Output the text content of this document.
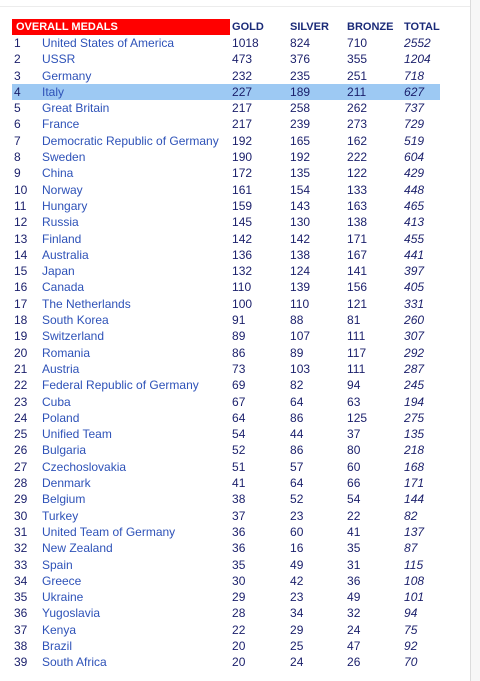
OVERALL MEDALS		GOLD	SILVER	BRONZE	TOTAL
1	United States of America	1018	824	710	2552
2	USSR	473	376	355	1204
3	Germany	232	235	251	718
4	Italy	227	189	211	627
5	Great Britain	217	258	262	737
6	France	217	239	273	729
7	Democratic Republic of Germany	192	165	162	519
8	Sweden	190	192	222	604
9	China	172	135	122	429
10	Norway	161	154	133	448
11	Hungary	159	143	163	465
12	Russia	145	130	138	413
13	Finland	142	142	171	455
14	Australia	136	138	167	441
15	Japan	132	124	141	397
16	Canada	110	139	156	405
17	The Netherlands	100	110	121	331
18	South Korea	91	88	81	260
19	Switzerland	89	107	111	307
20	Romania	86	89	117	292
21	Austria	73	103	111	287
22	Federal Republic of Germany	69	82	94	245
23	Cuba	67	64	63	194
24	Poland	64	86	125	275
25	Unified Team	54	44	37	135
26	Bulgaria	52	86	80	218
27	Czechoslovakia	51	57	60	168
28	Denmark	41	64	66	171
29	Belgium	38	52	54	144
30	Turkey	37	23	22	82
31	United Team of Germany	36	60	41	137
32	New Zealand	36	16	35	87
33	Spain	35	49	31	115
34	Greece	30	42	36	108
35	Ukraine	29	23	49	101
36	Yugoslavia	28	34	32	94
37	Kenya	22	29	24	75
38	Brazil	20	25	47	92
39	South Africa	20	24	26	70
